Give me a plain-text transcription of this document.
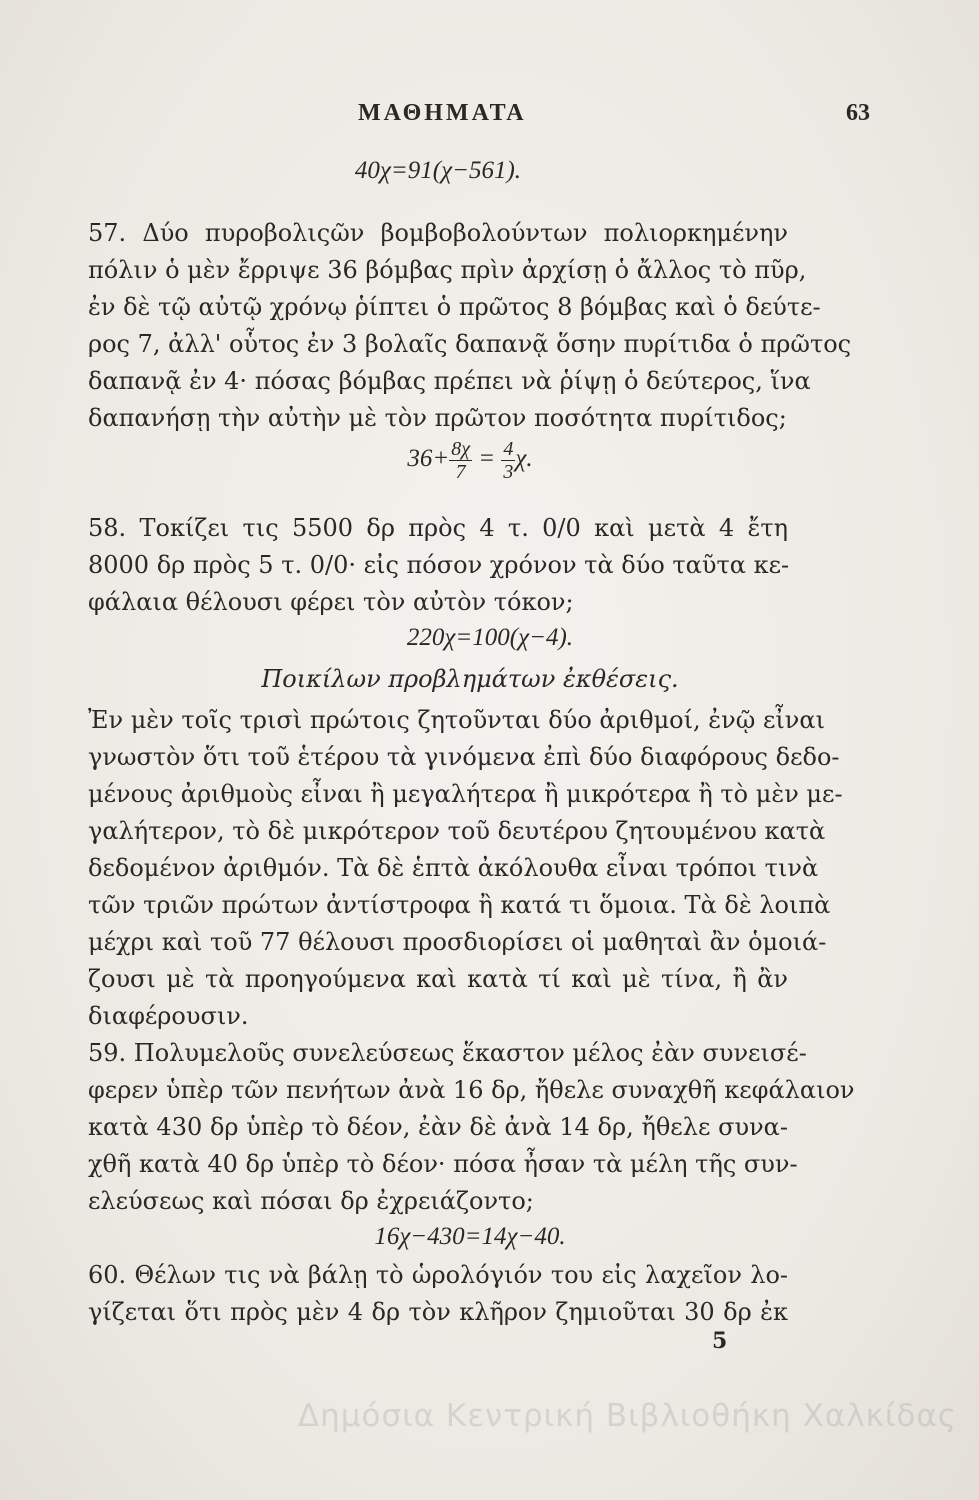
ΜΑΘΗΜΑΤΑ	63
40χ=91(χ−561).
57. Δύο πυροβολιςῶν βομβοβολούντων πολιορκημένην
πόλιν ὁ μὲν ἔρριψε 36 βόμβας πρὶν ἀρχίσῃ ὁ ἄλλος τὸ πῦρ,
ἐν δὲ τῷ αὐτῷ χρόνῳ ῥίπτει ὁ πρῶτος 8 βόμβας καὶ ὁ δεύτε-
ρος 7, ἀλλ' οὗτος ἐν 3 βολαῖς δαπανᾷ ὅσην πυρίτιδα ὁ πρῶτος
δαπανᾷ ἐν 4· πόσας βόμβας πρέπει νὰ ῥίψῃ ὁ δεύτερος, ἵνα
δαπανήσῃ τὴν αὐτὴν μὲ τὸν πρῶτον ποσότητα πυρίτιδος;
$36+ \frac{8\chi}{7} = \frac{4}{3} \chi$.
58. Τοκίζει τις 5500 δρ πρὸς 4 τ. 0/0 καὶ μετὰ 4 ἔτη
8000 δρ πρὸς 5 τ. 0/0· εἰς πόσον χρόνον τὰ δύο ταῦτα κε-
φάλαια θέλουσι φέρει τὸν αὐτὸν τόκον;
220χ=100(χ−4).
Ποικίλων προβλημάτων ἐκθέσεις.
Ἐν μὲν τοῖς τρισὶ πρώτοις ζητοῦνται δύο ἀριθμοί, ἐνῷ εἶναι
γνωστὸν ὅτι τοῦ ἑτέρου τὰ γινόμενα ἐπὶ δύο διαφόρους δεδο-
μένους ἀριθμοὺς εἶναι ἢ μεγαλήτερα ἢ μικρότερα ἢ τὸ μὲν με-
γαλήτερον, τὸ δὲ μικρότερον τοῦ δευτέρου ζητουμένου κατὰ
δεδομένον ἀριθμόν. Τὰ δὲ ἑπτὰ ἀκόλουθα εἶναι τρόποι τινὰ
τῶν τριῶν πρώτων ἀντίστροφα ἢ κατά τι ὅμοια. Τὰ δὲ λοιπὰ
μέχρι καὶ τοῦ 77 θέλουσι προσδιορίσει οἱ μαθηταὶ ἂν ὁμοιά-
ζουσι μὲ τὰ προηγούμενα καὶ κατὰ τί καὶ μὲ τίνα, ἢ ἂν
διαφέρουσιν.
59. Πολυμελοῦς συνελεύσεως ἕκαστον μέλος ἐὰν συνεισέ-
φερεν ὑπὲρ τῶν πενήτων ἀνὰ 16 δρ, ἤθελε συναχθῆ κεφάλαιον
κατὰ 430 δρ ὑπὲρ τὸ δέον, ἐὰν δὲ ἀνὰ 14 δρ, ἤθελε συνα-
χθῆ κατὰ 40 δρ ὑπὲρ τὸ δέον· πόσα ἦσαν τὰ μέλη τῆς συν-
ελεύσεως καὶ πόσαι δρ ἐχρειάζοντο;
16χ−430=14χ−40.
60. Θέλων τις νὰ βάλῃ τὸ ὡρολόγιόν του εἰς λαχεῖον λο-
γίζεται ὅτι πρὸς μὲν 4 δρ τὸν κλῆρον ζημιοῦται 30 δρ ἐκ
5
Δημόσια Κεντρική Βιβλιοθήκη Χαλκίδας
